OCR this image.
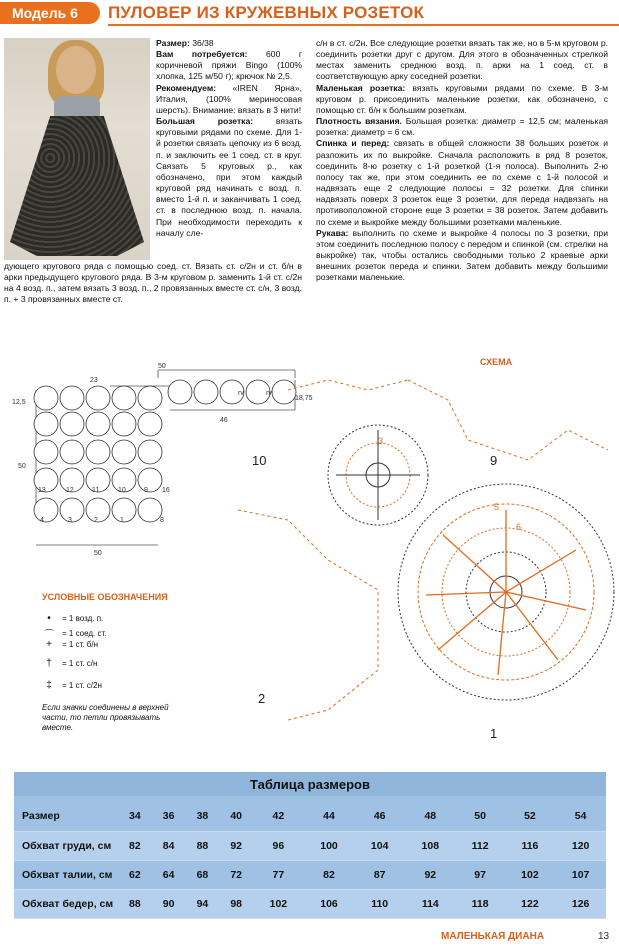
Модель 6	ПУЛОВЕР ИЗ КРУЖЕВНЫХ РОЗЕТОК

Размер: 36/38

Вам потребуется: 600 г коричневой пряжи Bingo (100% хлопка, 125 м/50 г); крючок № 2,5.

Рекомендуем: «IREN Ярна», Италия, (100% мериносовая шерсть). Внимание: вязать в 3 нити!

Большая розетка: вязать круговыми рядами по схеме. Для 1-й розетки связать цепочку из 6 возд. п. и заключить ее 1 соед. ст. в круг. Связать 5 круговых р., как обозначено, при этом каждый круговой ряд начинать с возд. п. вместо 1-й п. и заканчивать 1 соед. ст. в последнюю возд. п. начала. При необходимости переходить к началу сле-

дующего кругового ряда с помощью соед. ст. Вязать ст. с/2н и ст. б/н в арки предыдущего кругового ряда. В 3-м круговом р. заменить 1-й ст. с/2н на 4 возд. п., затем вязать 3 возд. п., 2 провязанных вместе ст. с/н, 3 возд. п. + 3 провязанных вместе ст.

с/н в ст. с/2н. Все следующие розетки вязать так же, но в 5-м круговом р. соединить розетки друг с другом. Для этого в обозначенных стрелкой местах заменить среднюю возд. п. арки на 1 соед. ст. в соответствующую арку соседней розетки.

Маленькая розетка: вязать круговыми рядами по схеме. В 3-м круговом р. присоединить маленькие розетки, как обозначено, с помощью ст. б/н к большим розеткам.

Плотность вязания. Большая розетка: диаметр = 12,5 см; маленькая розетка: диаметр = 6 см.

Спинка и перед: связать в общей сложности 38 больших розеток и разложить их по выкройке. Сначала расположить в ряд 8 розеток, соединить 8-ю розетку с 1-й розеткой (1-я полоса). Выполнить 2-ю полосу так же, при этом соединить ее по схеме с 1-й полосой и надвязать еще 2 следующие полосы = 32 розетки. Для спинки надвязать поверх 3 розеток еще 3 розетки, для переда надвязать на противоположной стороне еще 3 розетки = 38 розеток. Затем добавить по схеме и выкройке между большими розетками маленькие.

Рукава: выполнить по схеме и выкройке 4 полосы по 3 розетки, при этом соединить последнюю полосу с передом и спинкой (см. стрелки на выкройке) так, чтобы остались свободными только 2 краевые арки внешних розеток переда и спинки. Затем добавить между большими розетками маленькие.

50
12,5
50
50
18,75
23
46
13	12	11	10	9 16
4	3	2	1	8
rv	rv
СХЕМА
1
2
9
10
3
5
6
УСЛОВНЫЕ ОБОЗНАЧЕНИЯ
•	= 1 возд. п.
⌒ = 1 соед. ст.
+	= 1 ст. б/н
†	= 1 ст. с/н
‡	= 1 ст. с/2н
Если значки соединены в верхней части, то петли провязывать вместе.
Таблица размеров
Размер	34	36	38	40	42	44	46	48	50	52	54
Обхват груди, см	82	84	88	92	96	100	104	108	112	116	120
Обхват талии, см	62	64	68	72	77	82	87	92	97	102	107
Обхват бедер, см	88	90	94	98	102	106	110	114	118	122	126
МАЛЕНЬКАЯ ДИАНА	13
